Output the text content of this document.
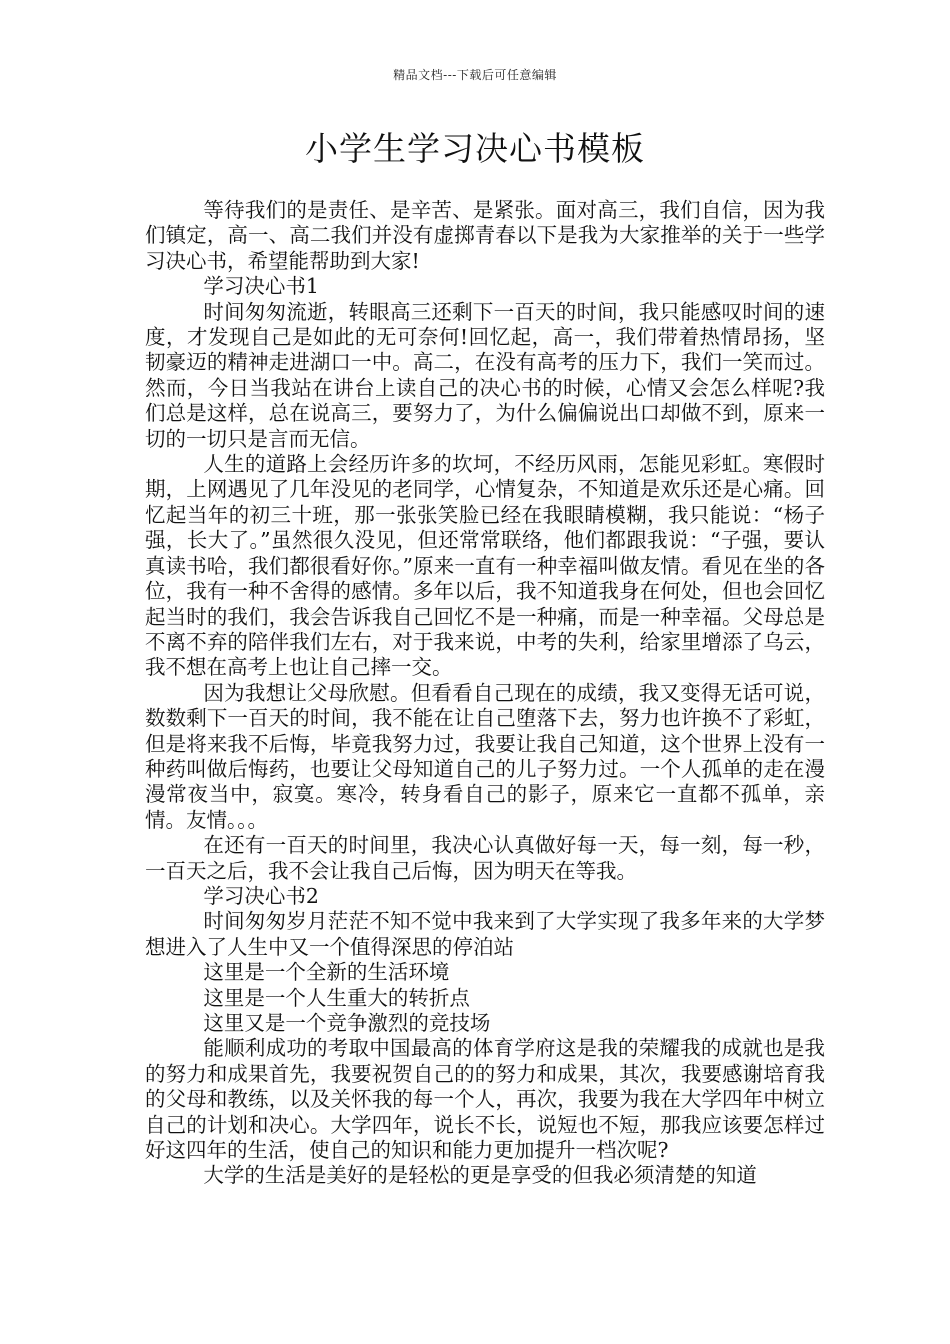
精品文档---下载后可任意编辑
小学生学习决心书模板

等待我们的是责任、是辛苦、是紧张。面对高三，我们自信，因为我们镇定，高一、高二我们并没有虚掷青春以下是我为大家推举的关于一些学习决心书，希望能帮助到大家!

学习决心书1

时间匆匆流逝，转眼高三还剩下一百天的时间，我只能感叹时间的速度，才发现自己是如此的无可奈何!回忆起，高一，我们带着热情昂扬，坚韧豪迈的精神走进湖口一中。高二，在没有高考的压力下，我们一笑而过。然而，今日当我站在讲台上读自己的决心书的时候，心情又会怎么样呢?我们总是这样，总在说高三，要努力了，为什么偏偏说出口却做不到，原来一切的一切只是言而无信。

人生的道路上会经历许多的坎坷，不经历风雨，怎能见彩虹。寒假时期，上网遇见了几年没见的老同学，心情复杂，不知道是欢乐还是心痛。回忆起当年的初三十班，那一张张笑脸已经在我眼睛模糊，我只能说：“杨子强，长大了。”虽然很久没见，但还常常联络，他们都跟我说：“子强，要认真读书哈，我们都很看好你。”原来一直有一种幸福叫做友情。看见在坐的各位，我有一种不舍得的感情。多年以后，我不知道我身在何处，但也会回忆起当时的我们，我会告诉我自己回忆不是一种痛，而是一种幸福。父母总是不离不弃的陪伴我们左右，对于我来说，中考的失利，给家里增添了乌云，我不想在高考上也让自己摔一交。

因为我想让父母欣慰。但看看自己现在的成绩，我又变得无话可说，数数剩下一百天的时间，我不能在让自己堕落下去，努力也许换不了彩虹，但是将来我不后悔，毕竟我努力过，我要让我自己知道，这个世界上没有一种药叫做后悔药，也要让父母知道自己的儿子努力过。一个人孤单的走在漫漫常夜当中，寂寞。寒冷，转身看自己的影子，原来它一直都不孤单，亲情。友情。。。

在还有一百天的时间里，我决心认真做好每一天，每一刻，每一秒，一百天之后，我不会让我自己后悔，因为明天在等我。

学习决心书2

时间匆匆岁月茫茫不知不觉中我来到了大学实现了我多年来的大学梦想进入了人生中又一个值得深思的停泊站

这里是一个全新的生活环境

这里是一个人生重大的转折点

这里又是一个竞争激烈的竞技场

能顺利成功的考取中国最高的体育学府这是我的荣耀我的成就也是我的努力和成果首先，我要祝贺自己的的努力和成果，其次，我要感谢培育我的父母和教练，以及关怀我的每一个人，再次，我要为我在大学四年中树立自己的计划和决心。大学四年，说长不长，说短也不短，那我应该要怎样过好这四年的生活，使自己的知识和能力更加提升一档次呢?

大学的生活是美好的是轻松的更是享受的但我必须清楚的知道
